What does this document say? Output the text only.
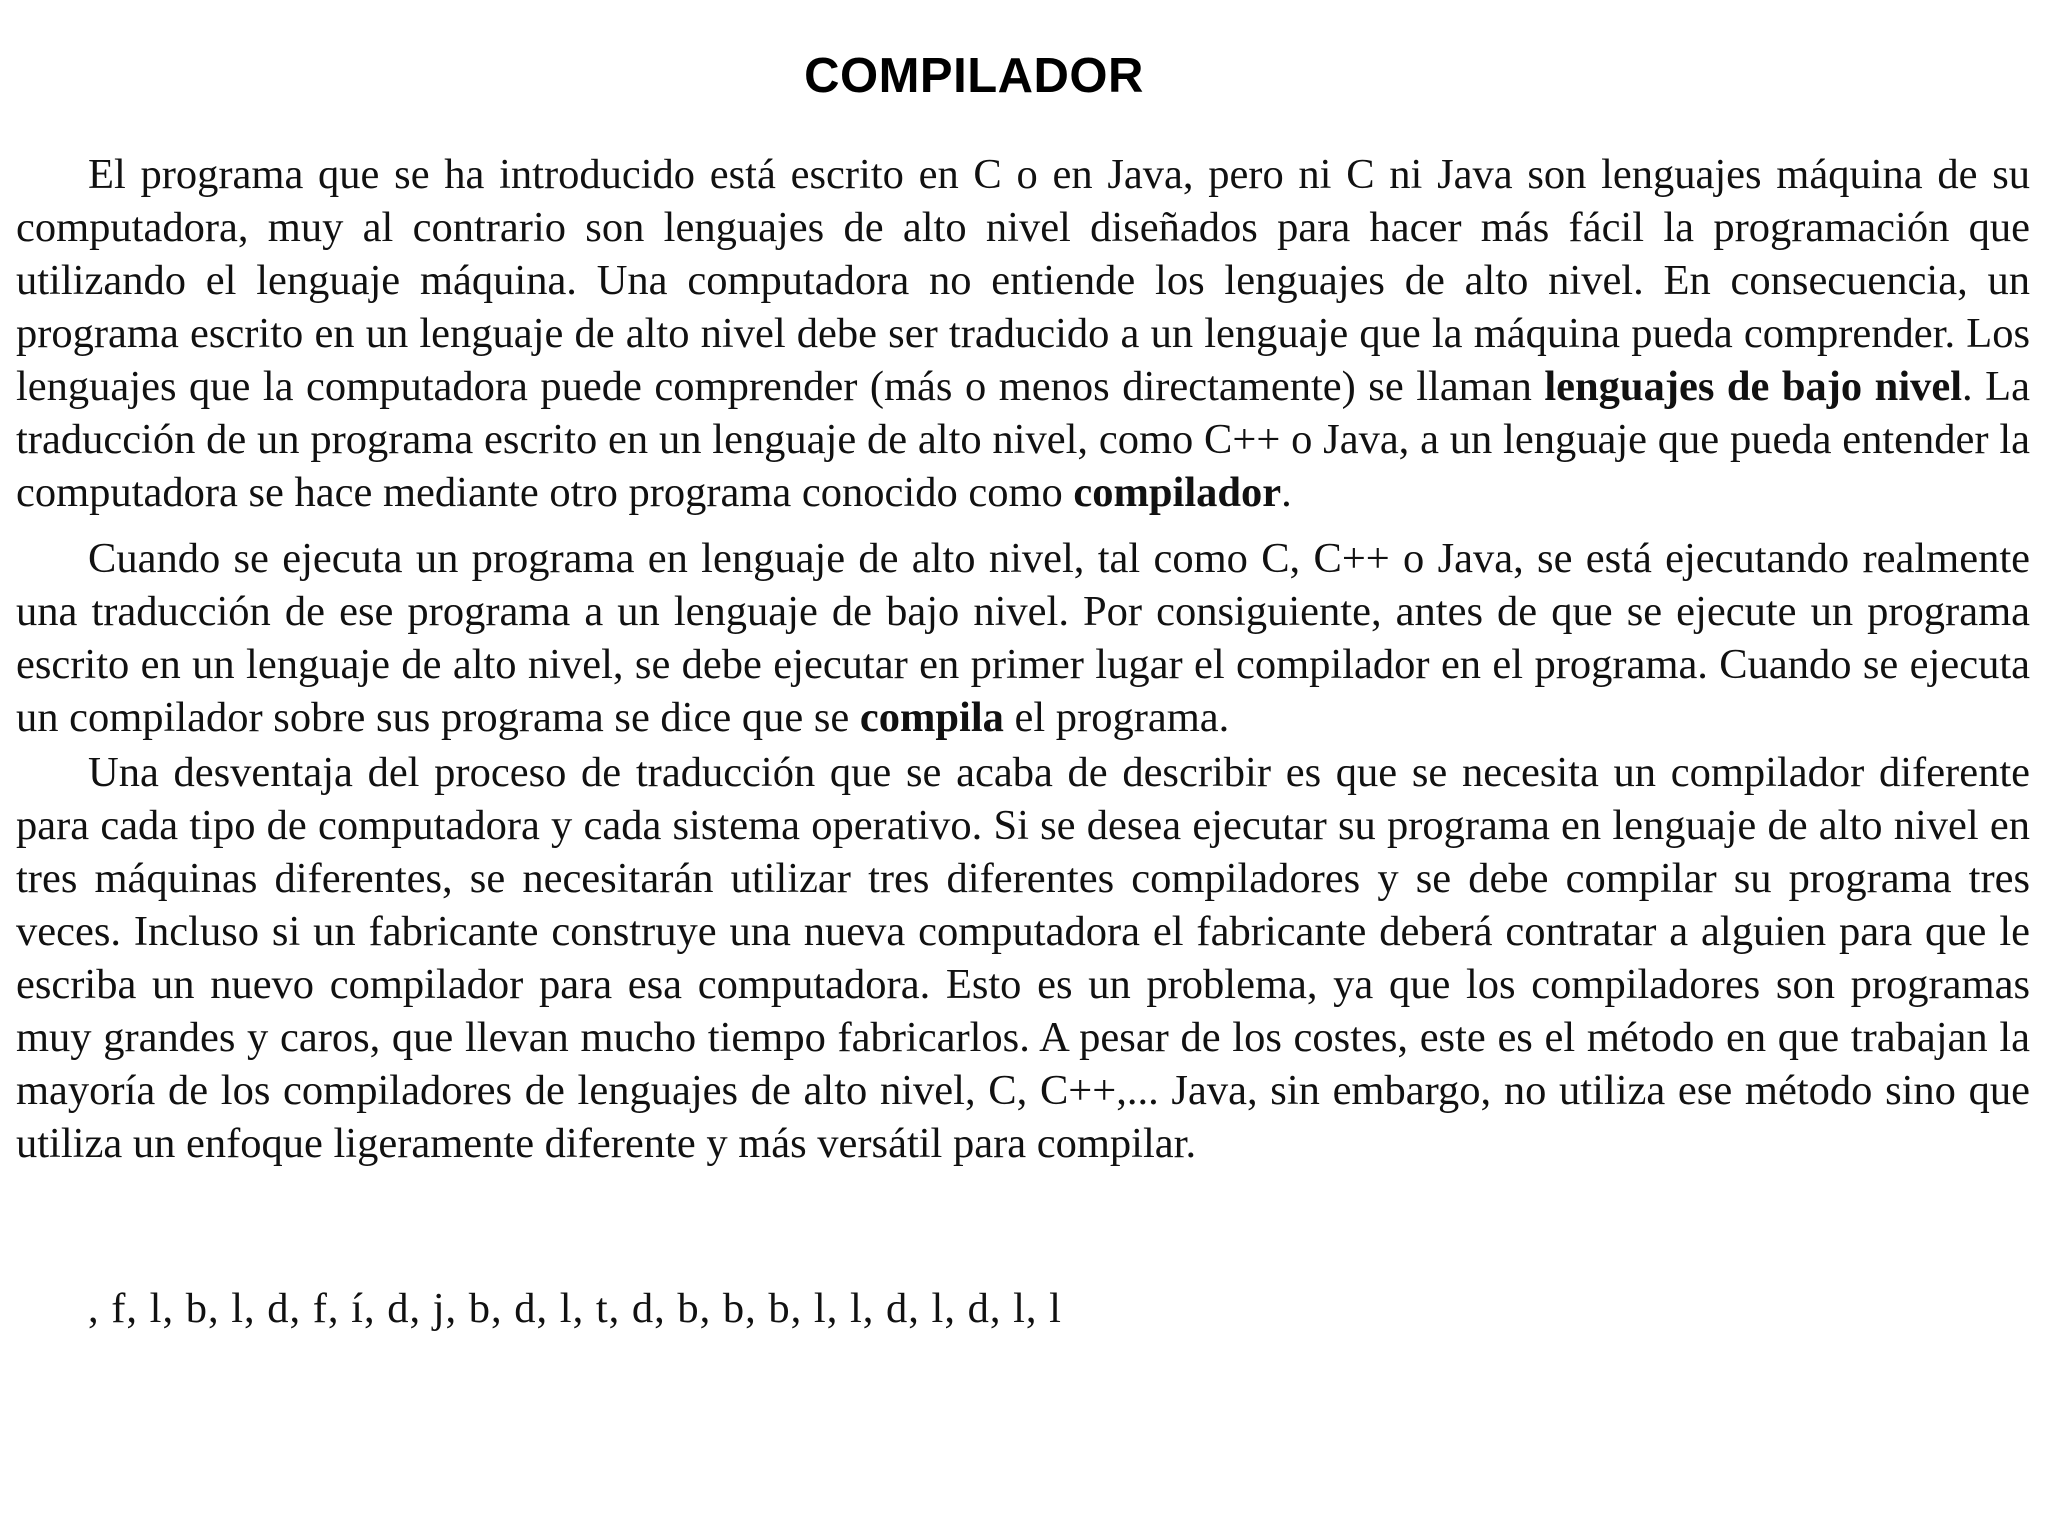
COMPILADOR

El programa que se ha introducido está escrito en C o en Java, pero ni C ni Java son lenguajes máquina de su computadora, muy al contrario son lenguajes de alto nivel diseñados para hacer más fácil la programación que utilizando el lenguaje máquina. Una computadora no entiende los lenguajes de alto nivel. En consecuencia, un programa escrito en un lenguaje de alto nivel debe ser traducido a un lenguaje que la máquina pueda comprender. Los lenguajes que la computadora puede comprender (más o menos directamente) se llaman lenguajes de bajo nivel. La traducción de un programa escrito en un lenguaje de alto nivel, como C++ o Java, a un lenguaje que pueda entender la computadora se hace mediante otro programa conocido como compilador.

Cuando se ejecuta un programa en lenguaje de alto nivel, tal como C, C++ o Java, se está ejecutando realmente una traducción de ese programa a un lenguaje de bajo nivel. Por consiguiente, antes de que se ejecute un programa escrito en un lenguaje de alto nivel, se debe ejecutar en primer lugar el compilador en el programa. Cuando se ejecuta un compilador sobre sus programa se dice que se compila el programa.

Una desventaja del proceso de traducción que se acaba de describir es que se necesita un compilador diferente para cada tipo de computadora y cada sistema operativo. Si se desea ejecutar su programa en lenguaje de alto nivel en tres máquinas diferentes, se necesitarán utilizar tres diferentes compiladores y se debe compilar su programa tres veces. Incluso si un fabricante construye una nueva computadora el fabricante deberá contratar a alguien para que le escriba un nuevo compilador para esa computadora. Esto es un problema, ya que los compiladores son programas muy grandes y caros, que llevan mucho tiempo fabricarlos. A pesar de los costes, este es el método en que trabajan la mayoría de los compiladores de lenguajes de alto nivel, C, C++,... Java, sin embargo, no utiliza ese método sino que utiliza un enfoque ligeramente diferente y más versátil para compilar.

, f, l, b, l, d, f, í, d, j, b, d, l, t, d, b, b, b, l, l, d, l, d, l, l
